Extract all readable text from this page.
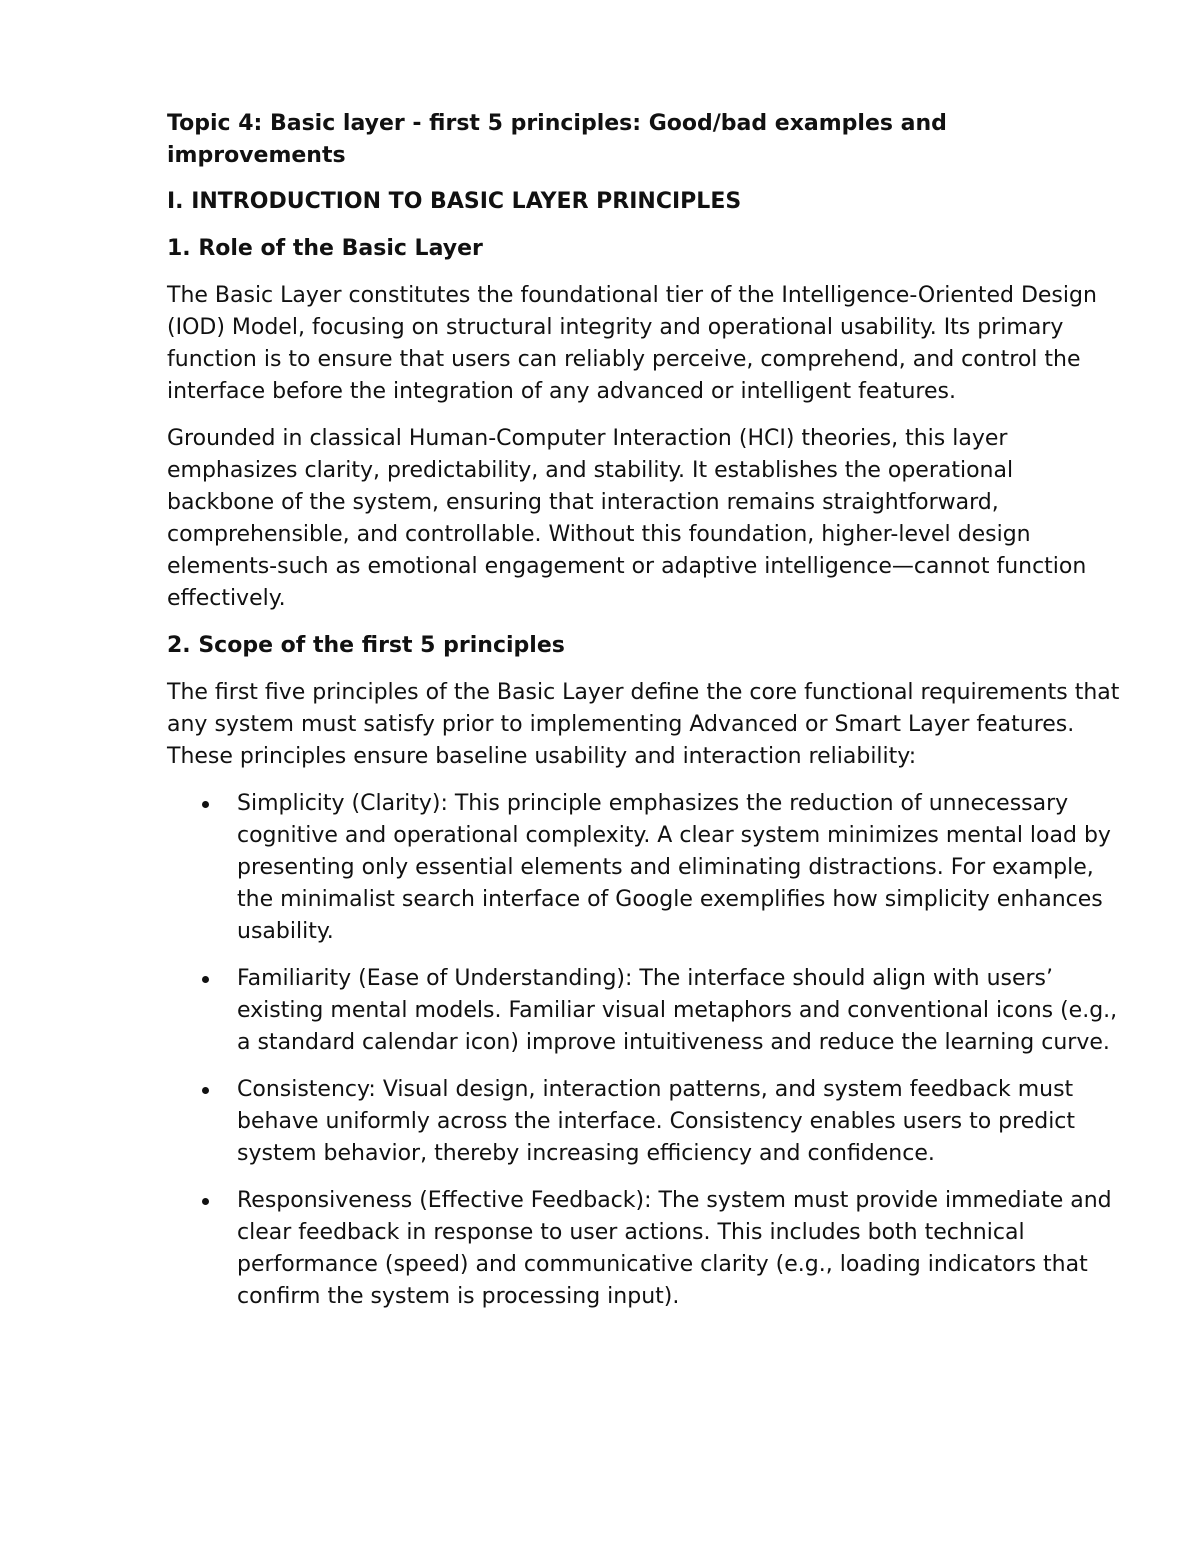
Topic 4: Basic layer - first 5 principles: Good/bad examples and improvements
I. INTRODUCTION TO BASIC LAYER PRINCIPLES
1. Role of the Basic Layer

The Basic Layer constitutes the foundational tier of the Intelligence-Oriented Design (IOD) Model, focusing on structural integrity and operational usability. Its primary function is to ensure that users can reliably perceive, comprehend, and control the interface before the integration of any advanced or intelligent features.

Grounded in classical Human-Computer Interaction (HCI) theories, this layer emphasizes clarity, predictability, and stability. It establishes the operational backbone of the system, ensuring that interaction remains straightforward, comprehensible, and controllable. Without this foundation, higher-level design elements-such as emotional engagement or adaptive intelligence—cannot function effectively.

2. Scope of the first 5 principles

The first five principles of the Basic Layer define the core functional requirements that any system must satisfy prior to implementing Advanced or Smart Layer features. These principles ensure baseline usability and interaction reliability:

Simplicity (Clarity): This principle emphasizes the reduction of unnecessary cognitive and operational complexity. A clear system minimizes mental load by presenting only essential elements and eliminating distractions. For example, the minimalist search interface of Google exemplifies how simplicity enhances usability.
Familiarity (Ease of Understanding): The interface should align with users’ existing mental models. Familiar visual metaphors and conventional icons (e.g., a standard calendar icon) improve intuitiveness and reduce the learning curve.
Consistency: Visual design, interaction patterns, and system feedback must behave uniformly across the interface. Consistency enables users to predict system behavior, thereby increasing efficiency and confidence.
Responsiveness (Effective Feedback): The system must provide immediate and clear feedback in response to user actions. This includes both technical performance (speed) and communicative clarity (e.g., loading indicators that confirm the system is processing input).
